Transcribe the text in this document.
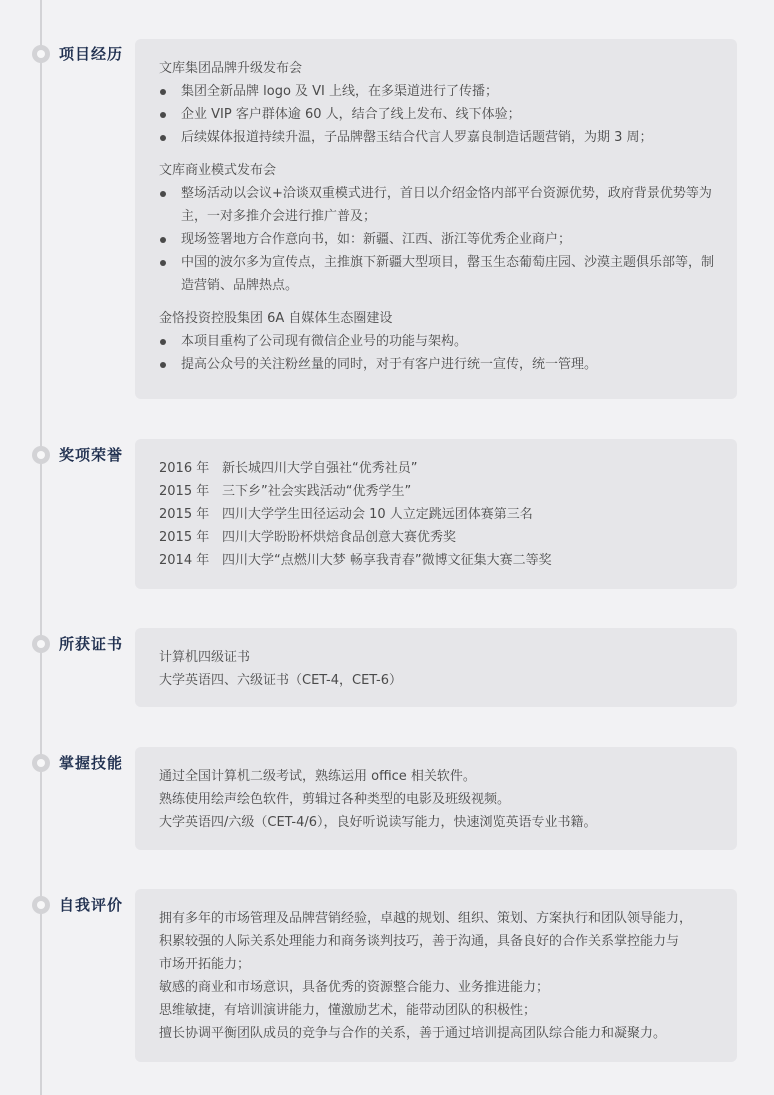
项目经历
文库集团品牌升级发布会
集团全新品牌 logo 及 VI 上线，在多渠道进行了传播；
企业 VIP 客户群体逾 60 人，结合了线上发布、线下体验；
后续媒体报道持续升温，子品牌罄玉结合代言人罗嘉良制造话题营销，为期 3 周；
文库商业模式发布会
整场活动以会议+洽谈双重模式进行，首日以介绍金恪内部平台资源优势，政府背景优势等为主，一对多推介会进行推广普及；
现场签署地方合作意向书，如：新疆、江西、浙江等优秀企业商户；
中国的波尔多为宣传点，主推旗下新疆大型项目，罄玉生态葡萄庄园、沙漠主题俱乐部等，制造营销、品牌热点。
金恪投资控股集团 6A 自媒体生态圈建设
本项目重构了公司现有微信企业号的功能与架构。
提高公众号的关注粉丝量的同时，对于有客户进行统一宣传，统一管理。
奖项荣誉
2016 年 新长城四川大学自强社“优秀社员”
2015 年 三下乡”社会实践活动“优秀学生”
2015 年 四川大学学生田径运动会 10 人立定跳远团体赛第三名
2015 年 四川大学盼盼杯烘焙食品创意大赛优秀奖
2014 年 四川大学“点燃川大梦 畅享我青春”微博文征集大赛二等奖
所获证书
计算机四级证书
大学英语四、六级证书（CET-4，CET-6）
掌握技能
通过全国计算机二级考试，熟练运用 office 相关软件。
熟练使用绘声绘色软件，剪辑过各种类型的电影及班级视频。
大学英语四/六级（CET-4/6），良好听说读写能力，快速浏览英语专业书籍。
自我评价
拥有多年的市场管理及品牌营销经验，卓越的规划、组织、策划、方案执行和团队领导能力，
积累较强的人际关系处理能力和商务谈判技巧，善于沟通，具备良好的合作关系掌控能力与
市场开拓能力；
敏感的商业和市场意识，具备优秀的资源整合能力、业务推进能力；
思维敏捷，有培训演讲能力，懂激励艺术，能带动团队的积极性；
擅长协调平衡团队成员的竞争与合作的关系，善于通过培训提高团队综合能力和凝聚力。
